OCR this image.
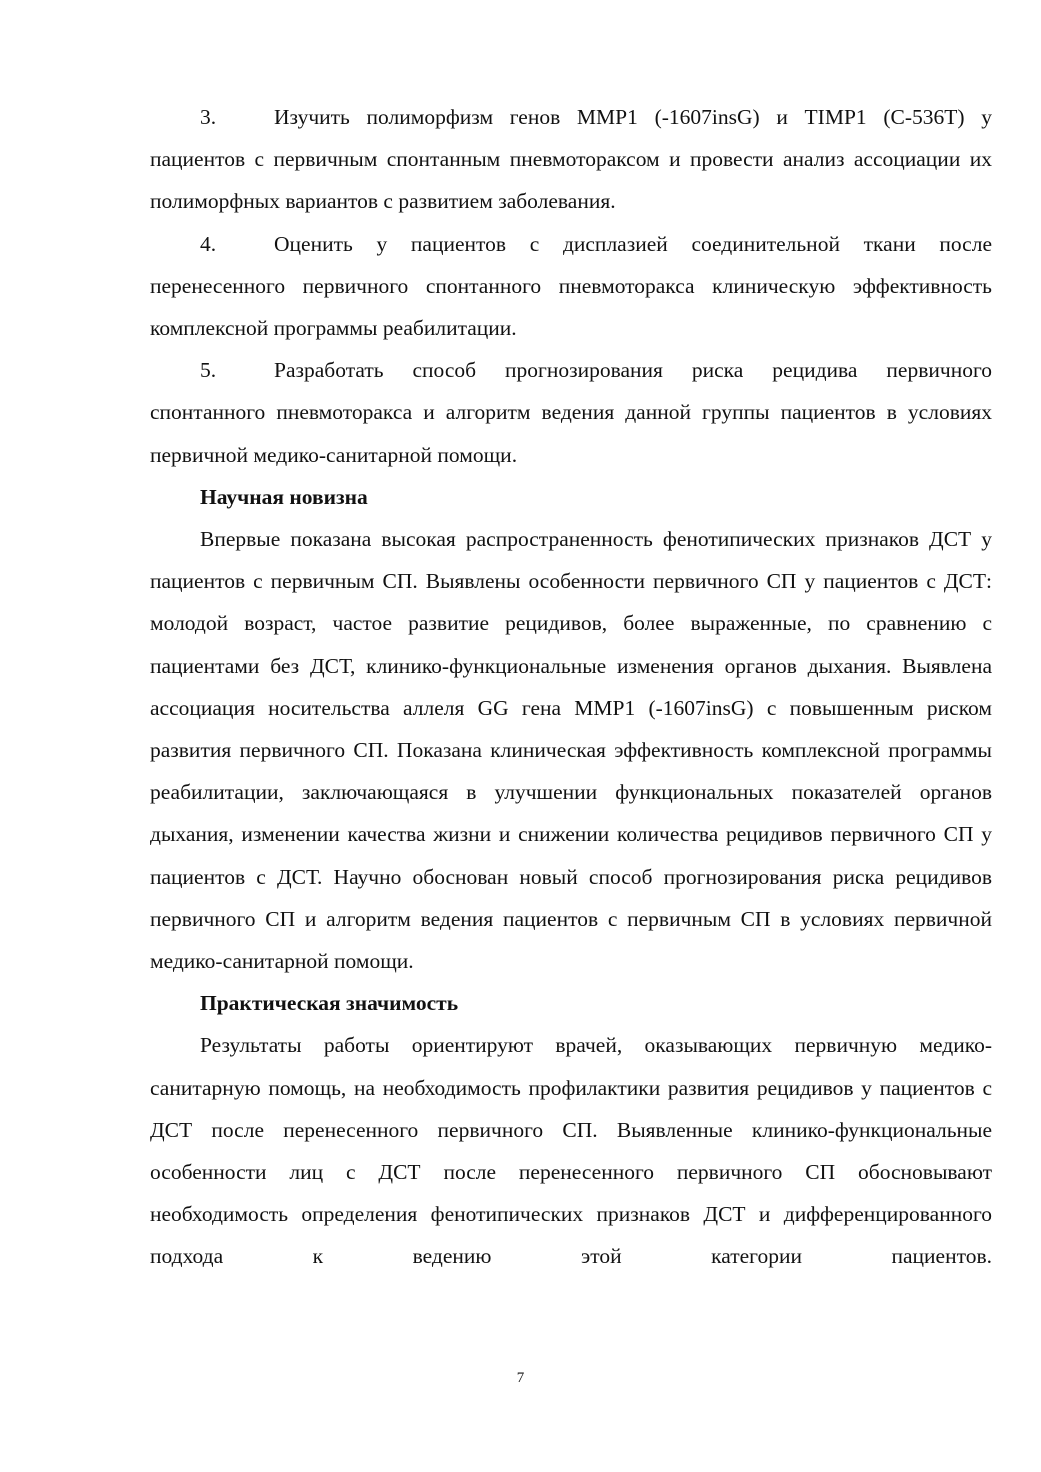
3.	Изучить полиморфизм генов MMP1 (-1607insG) и TIMP1 (C-536T) у пациентов с первичным спонтанным пневмотораксом и провести анализ ассоциации их полиморфных вариантов с развитием заболевания.

4.	Оценить у пациентов с дисплазией соединительной ткани после перенесенного первичного спонтанного пневмоторакса клиническую эффективность комплексной программы реабилитации.

5.	Разработать способ прогнозирования риска рецидива первичного спонтанного пневмоторакса и алгоритм ведения данной группы пациентов в условиях первичной медико-санитарной помощи.

Научная новизна

Впервые показана высокая распространенность фенотипических признаков ДСТ у пациентов с первичным СП. Выявлены особенности первичного СП у пациентов с ДСТ: молодой возраст, частое развитие рецидивов, более выраженные, по сравнению с пациентами без ДСТ, клинико-функциональные изменения органов дыхания. Выявлена ассоциация носительства аллеля GG гена MMP1 (-1607insG) с повышенным риском развития первичного СП. Показана клиническая эффективность комплексной программы реабилитации, заключающаяся в улучшении функциональных показателей органов дыхания, изменении качества жизни и снижении количества рецидивов первичного СП у пациентов с ДСТ. Научно обоснован новый способ прогнозирования риска рецидивов первичного СП и алгоритм ведения пациентов с первичным СП в условиях первичной медико-санитарной помощи.

Практическая значимость

Результаты работы ориентируют врачей, оказывающих первичную медико-санитарную помощь, на необходимость профилактики развития рецидивов у пациентов с ДСТ после перенесенного первичного СП. Выявленные клинико-функциональные особенности лиц с ДСТ после перенесенного первичного СП обосновывают необходимость определения фенотипических признаков ДСТ и дифференцированного подхода к ведению этой категории пациентов.

7
